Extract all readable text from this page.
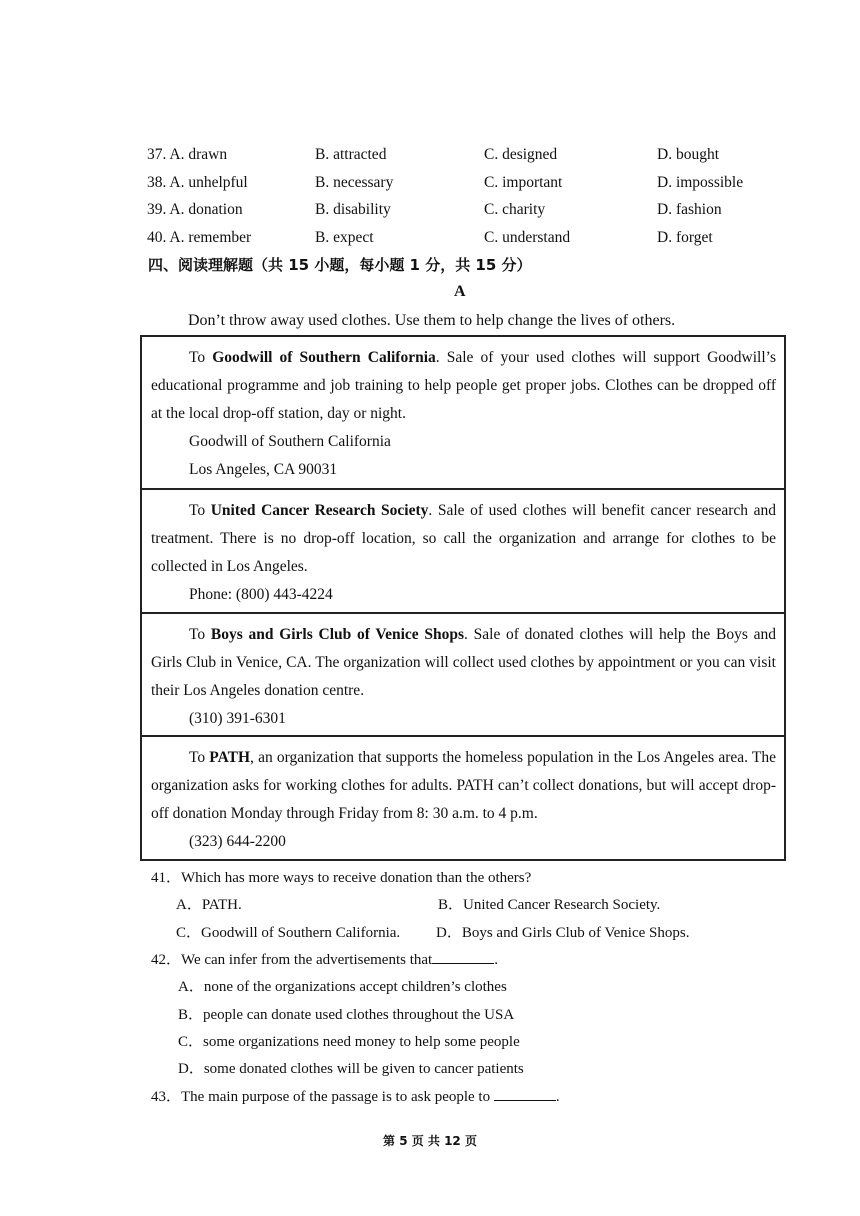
37. A. drawn	B. attracted	C. designed	D. bought
38. A. unhelpful	B. necessary	C. important	D. impossible
39. A. donation	B. disability	C. charity	D. fashion
40. A. remember	B. expect	C. understand	D. forget
四、阅读理解题（共 15 小题，每小题 1 分，共 15 分）
A
Don’t throw away used clothes. Use them to help change the lives of others.

To Goodwill of Southern California. Sale of your used clothes will support Goodwill’s educational programme and job training to help people get proper jobs. Clothes can be dropped off at the local drop-off station, day or night.

Goodwill of Southern California
Los Angeles, CA 90031

To United Cancer Research Society. Sale of used clothes will benefit cancer research and treatment. There is no drop-off location, so call the organization and arrange for clothes to be collected in Los Angeles.

Phone: (800) 443-4224

To Boys and Girls Club of Venice Shops. Sale of donated clothes will help the Boys and Girls Club in Venice, CA. The organization will collect used clothes by appointment or you can visit their Los Angeles donation centre.

(310) 391-6301

To PATH, an organization that supports the homeless population in the Los Angeles area. The organization asks for working clothes for adults. PATH can’t collect donations, but will accept drop-off donation Monday through Friday from 8: 30 a.m. to 4 p.m.

(323) 644-2200
41．Which has more ways to receive donation than the others?
A．PATH.	B．United Cancer Research Society.
C．Goodwill of Southern California. D．Boys and Girls Club of Venice Shops.
42．We can infer from the advertisements that	.
A．none of the organizations accept children’s clothes
B．people can donate used clothes throughout the USA
C．some organizations need money to help some people
D．some donated clothes will be given to cancer patients
43．The main purpose of the passage is to ask people to	.
第 5 页 共 12 页
